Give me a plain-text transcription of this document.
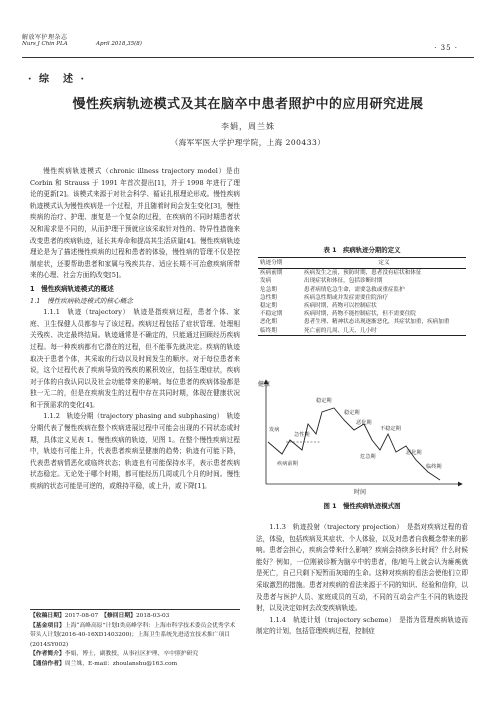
解放军护理杂志
Nurs J Chin PLA	April 2018,35(8)	· 35 ·
· 综　述 ·
慢性疾病轨迹模式及其在脑卒中患者照护中的应用研究进展
李娟，周兰姝
（海军军医大学护理学院，上海 200433）

慢性疾病轨迹模式（chronic illness trajectory model）是由 Corbin 和 Strauss 于 1991 年首次提出[1]，并于 1998 年进行了理论的更新[2]。该模式来源于对社会科学、循证扎根理论形成。慢性疾病轨迹模式认为慢性疾病是一个过程，并且随着时间会发生变化[3]，慢性疾病的治疗、护理、康复是一个复杂的过程，在疾病的不同时期患者状况和需求是不同的，从而护理干预就应该采取针对性的、特异性措施来改变患者的疾病轨迹，延长其寿命和提高其生活质量[4]。慢性疾病轨迹理论是为了描述慢性疾病的过程和患者的体验，慢性病的管理不仅是控制症状，还要帮助患者和家属与残疾共存、适应长期不可治愈疾病所带来的心理、社会方面的改变[5]。

1　慢性疾病轨迹模式的概述
1.1　慢性疾病轨迹模式的核心概念

1.1.1　轨迹（trajectory）　轨迹是指疾病过程，患者个体、家庭、卫生保健人员都参与了该过程。疾病过程包括了症状管理、处理相关残疾、决定最终结局。轨迹通常是不确定的，只能通过回顾经历疾病过程。每一种疾病都有它潜在的过程，但不能事先就决定。疾病的轨迹取决于患者个体，其采取的行动以及时间发生的顺序。对于每位患者来说，这个过程代表了疾病导致的残疾的累积效应，包括生理症状，疾病对于体的自我认同以及社会功能带来的影响。每位患者的疾病体验都是独一无二的，但是在疾病发生的过程中存在共同时期，体现在健康状况和干预需求的变化[4]。

1.1.2　轨迹分期（trajectory phasing and subphasing）　轨迹分期代表了慢性疾病在整个疾病进展过程中可能会出现的不同状态或时期，具体定义见表 1。慢性疾病的轨迹，见图 1。在整个慢性疾病过程中，轨迹有可能上升，代表患者疾病呈健康的趋势；轨迹有可能下降，代表患者病情恶化或临终状态；轨迹也有可能保持水平，表示患者疾病状态稳定。无论处于哪个时期，都可能经历几周或几个月的时间。慢性疾病的状态可能是可逆的，或维持平稳，或上升，或下降[1]。

表 1　疾病轨迹分期的定义
轨迹分期	定义
疾病前期	疾病发生之前，预防时期，患者没有症状和体征
发病	出现症状和体征，包括诊断时期
危急期	患者病情危急生命，需要急救或重症监护
急性期	疾病急性期或并发症需要住院治疗
稳定期	疾病时期，药物可以控制症状
不稳定期	疾病时期，药物不能控制症状，但不需要住院
恶化期	患者生理、精神状态出现逐渐恶化，其症状加重，疾病加重
临终期	死亡前的几周、几天、几小时
健康
时间
发病
疾病前期
稳定期
稳定期
恶化期
急性期
不稳定期
恶化期
临终期
危急期
图 1　慢性疾病轨迹模式图

1.1.3　轨迹投射（trajectory projection）　是指对疾病过程的看法，体验，包括疾病及其症状、个人体验，以及对患者自我概念带来的影响。患者会担心，疾病会带来什么影响？疾病会持续多长时间？什么时候能好？例如，一位刚被诊断为脑卒中的患者，他/她马上就会认为瘫痪就是死亡，自己只剩下短暂而灰暗的生命。这种对疾病的看法会使他们立即采取激烈的措施。患者对疾病的看法来源于不同的知识、经验和信仰，以及患者与医护人员、家庭成员的互动，不同的互动会产生不同的轨迹投射，以及决定如何去改变疾病轨迹。

1.1.4　轨迹计划（trajectory scheme）　是指为管理疾病轨迹而制定的计划，包括管理疾病过程，控制症

【收稿日期】2017-08-07　 【修回日期】2018-03-03
【基金项目】上海“高峰高原”计划Ⅰ类高峰学科：上海市科学技术委员会优秀学术带头人计划(2016-40-16XD1403200)；上海卫生系统先进适宜技术推广项目(2014SY002)
【作者简介】李娟，博士，副教授，从事社区护理、卒中照护研究
【通信作者】周兰姝，E-mail：zhoulanshu@163.com
